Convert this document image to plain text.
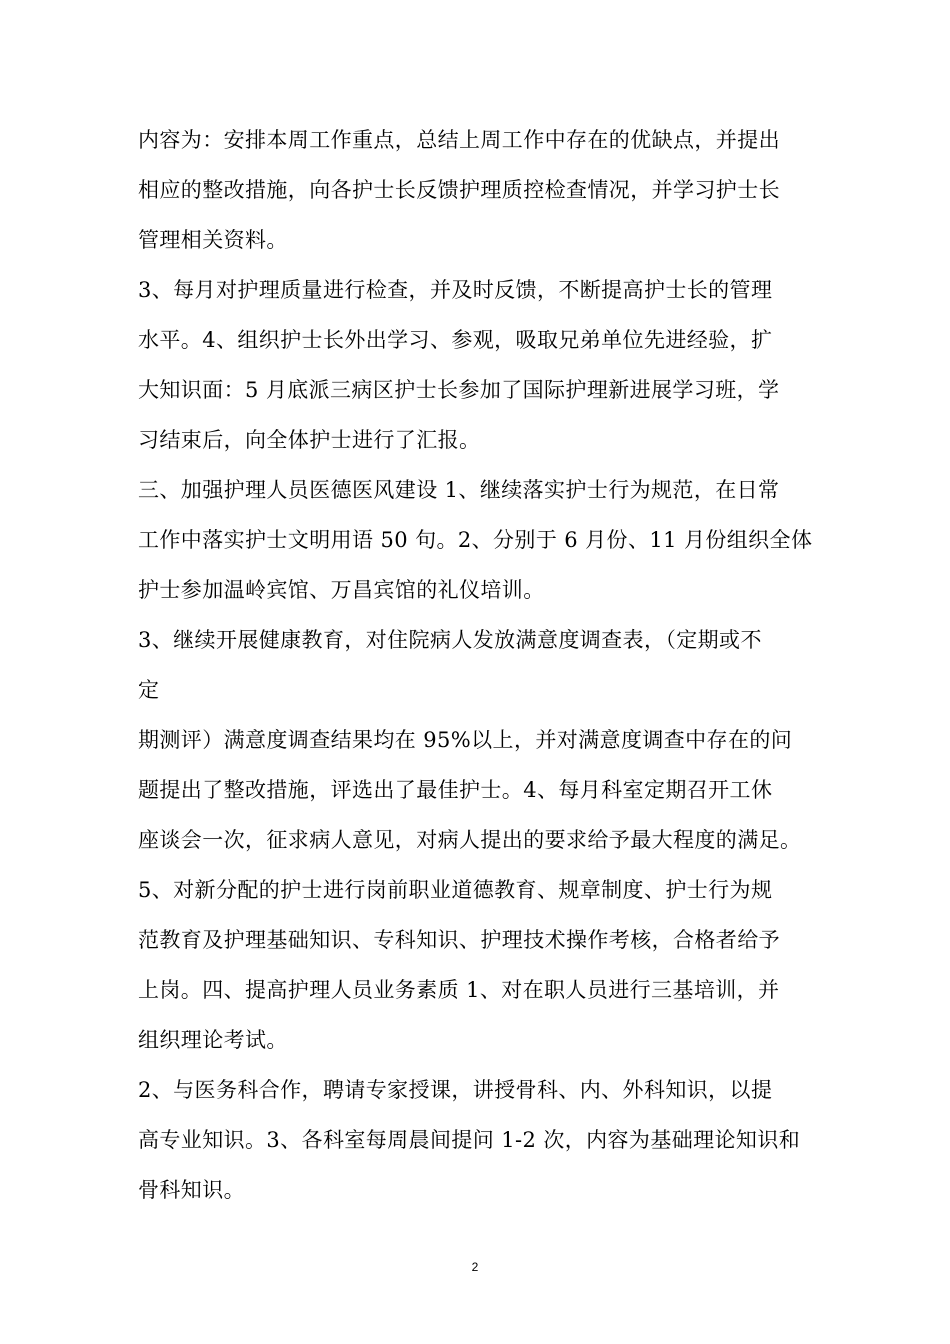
内容为：安排本周工作重点，总结上周工作中存在的优缺点，并提出
相应的整改措施，向各护士长反馈护理质控检查情况，并学习护士长
管理相关资料。
3、每月对护理质量进行检查，并及时反馈，不断提高护士长的管理
水平。4、组织护士长外出学习、参观，吸取兄弟单位先进经验，扩
大知识面：5 月底派三病区护士长参加了国际护理新进展学习班，学
习结束后，向全体护士进行了汇报。
三、加强护理人员医德医风建设 1、继续落实护士行为规范，在日常
工作中落实护士文明用语 50 句。2、分别于 6 月份、11 月份组织全体
护士参加温岭宾馆、万昌宾馆的礼仪培训。
3、继续开展健康教育，对住院病人发放满意度调查表，（定期或不
定
期测评）满意度调查结果均在 95%以上，并对满意度调查中存在的问
题提出了整改措施，评选出了最佳护士。4、每月科室定期召开工休
座谈会一次，征求病人意见，对病人提出的要求给予最大程度的满足。
5、对新分配的护士进行岗前职业道德教育、规章制度、护士行为规
范教育及护理基础知识、专科知识、护理技术操作考核，合格者给予
上岗。四、提高护理人员业务素质 1、对在职人员进行三基培训，并
组织理论考试。
2、与医务科合作，聘请专家授课，讲授骨科、内、外科知识，以提
高专业知识。3、各科室每周晨间提问 1-2 次，内容为基础理论知识和
骨科知识。
2
